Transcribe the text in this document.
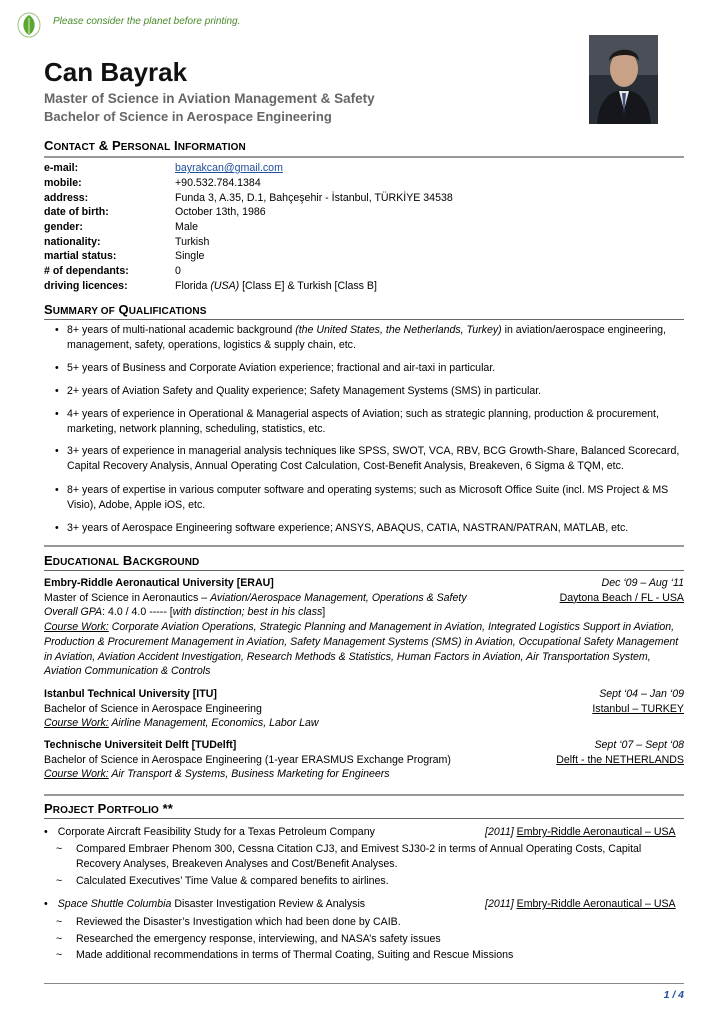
Please consider the planet before printing.
Can Bayrak
Master of Science in Aviation Management & Safety
Bachelor of Science in Aerospace Engineering
CONTACT & PERSONAL INFORMATION
e-mail:	bayrakcan@gmail.com
mobile:	+90.532.784.1384
address:	Funda 3, A.35, D.1, Bahçeşehir - İstanbul, TÜRKİYE 34538
date of birth:	October 13th, 1986
gender:	Male
nationality:	Turkish
martial status:	Single
# of dependants:	0
driving licences:	Florida (USA) [Class E] & Turkish [Class B]
SUMMARY OF QUALIFICATIONS
• 8+ years of multi-national academic background (the United States, the Netherlands, Turkey) in aviation/aerospace engineering, management, safety, operations, logistics & supply chain, etc.
• 5+ years of Business and Corporate Aviation experience; fractional and air-taxi in particular.
• 2+ years of Aviation Safety and Quality experience; Safety Management Systems (SMS) in particular.
• 4+ years of experience in Operational & Managerial aspects of Aviation; such as strategic planning, production & procurement, marketing, network planning, scheduling, statistics, etc.
• 3+ years of experience in managerial analysis techniques like SPSS, SWOT, VCA, RBV, BCG Growth-Share, Balanced Scorecard, Capital Recovery Analysis, Annual Operating Cost Calculation, Cost-Benefit Analysis, Breakeven, 6 Sigma & TQM, etc.
• 8+ years of expertise in various computer software and operating systems; such as Microsoft Office Suite (incl. MS Project & MS Visio), Adobe, Apple iOS, etc.
• 3+ years of Aerospace Engineering software experience; ANSYS, ABAQUS, CATIA, NASTRAN/PATRAN, MATLAB, etc.
EDUCATIONAL BACKGROUND
Embry-Riddle Aeronautical University [ERAU]	Dec ‘09 – Aug ‘11
Master of Science in Aeronautics – Aviation/Aerospace Management, Operations & Safety	Daytona Beach / FL - USA
Overall GPA: 4.0 / 4.0 ----- [with distinction; best in his class]
Course Work: Corporate Aviation Operations, Strategic Planning and Management in Aviation, Integrated Logistics Support in Aviation, Production & Procurement Management in Aviation, Safety Management Systems (SMS) in Aviation, Occupational Safety Management in Aviation, Aviation Accident Investigation, Research Methods & Statistics, Human Factors in Aviation, Air Transportation System, Aviation Communication & Controls
Istanbul Technical University [ITU]	Sept ‘04 – Jan ‘09
Bachelor of Science in Aerospace Engineering	Istanbul – TURKEY
Course Work: Airline Management, Economics, Labor Law
Technische Universiteit Delft [TUDelft]	Sept ‘07 – Sept ‘08
Bachelor of Science in Aerospace Engineering (1-year ERASMUS Exchange Program)	Delft - the NETHERLANDS
Course Work: Air Transport & Systems, Business Marketing for Engineers
PROJECT PORTFOLIO **
• Corporate Aircraft Feasibility Study for a Texas Petroleum Company	[2011] Embry-Riddle Aeronautical – USA
~ Compared Embraer Phenom 300, Cessna Citation CJ3, and Emivest SJ30-2 in terms of Annual Operating Costs, Capital Recovery Analyses, Breakeven Analyses and Cost/Benefit Analyses.
~ Calculated Executives’ Time Value & compared benefits to airlines.
• Space Shuttle Columbia Disaster Investigation Review & Analysis	[2011] Embry-Riddle Aeronautical – USA
~ Reviewed the Disaster’s Investigation which had been done by CAIB.
~ Researched the emergency response, interviewing, and NASA’s safety issues
~ Made additional recommendations in terms of Thermal Coating, Suiting and Rescue Missions
1 / 4
